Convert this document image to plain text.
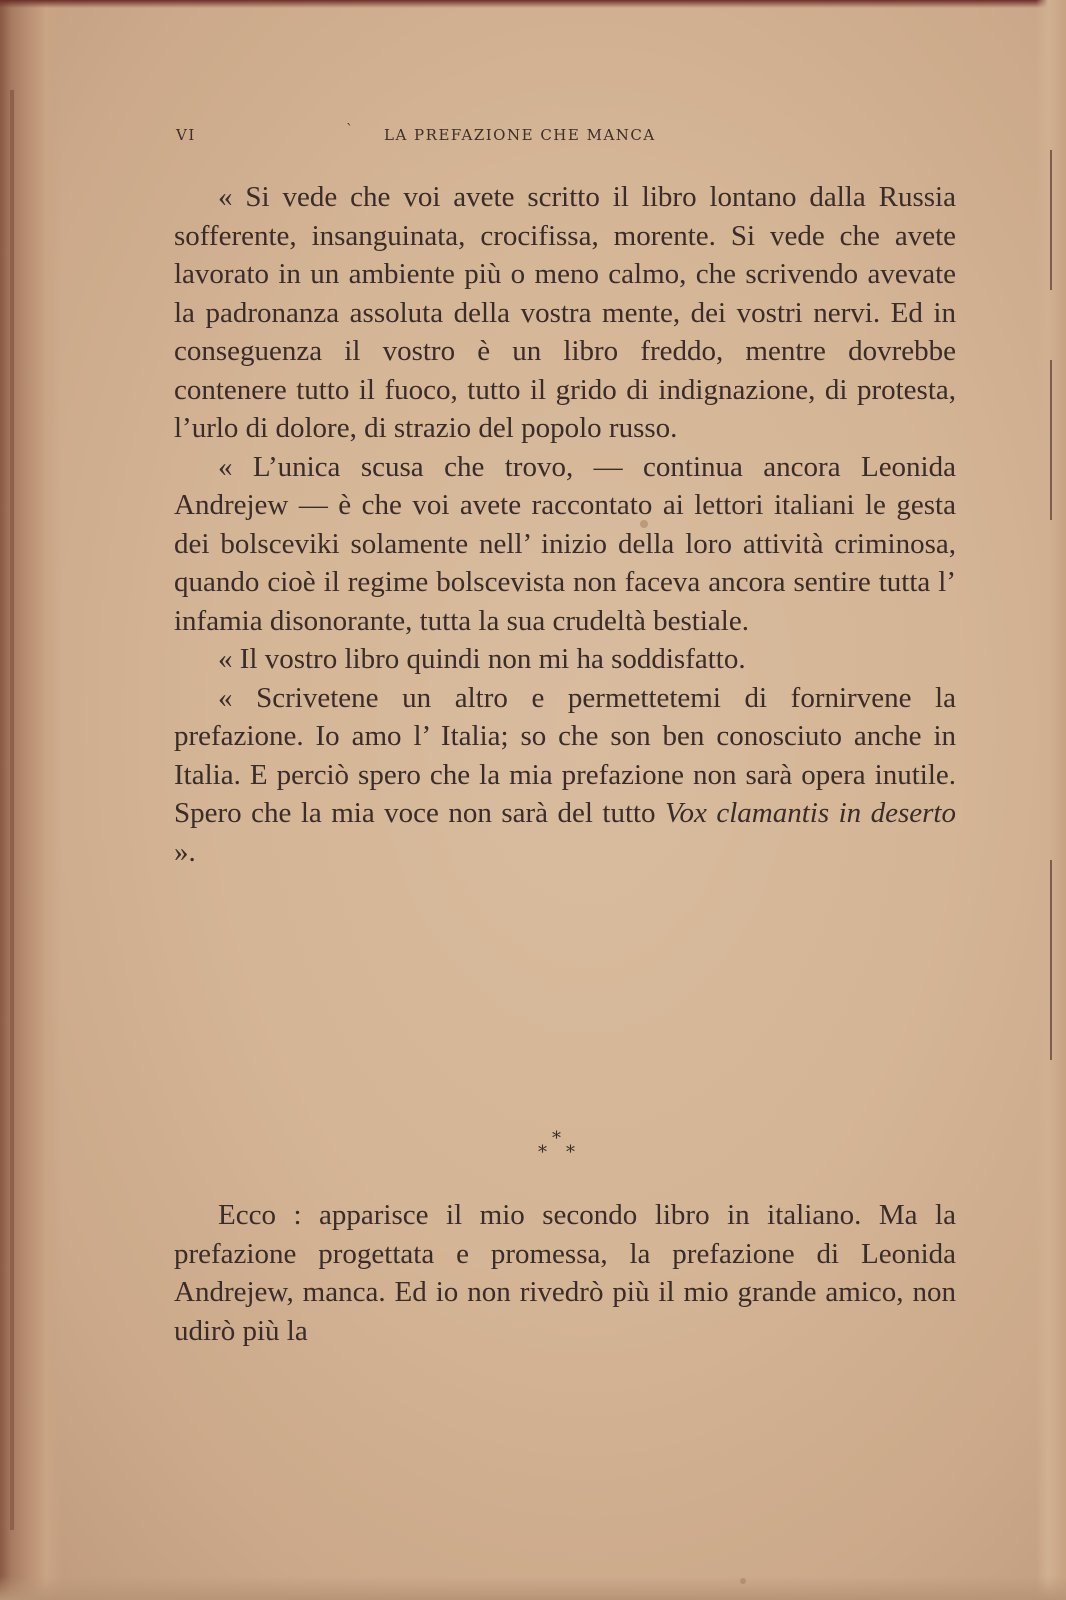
VI	` LA PREFAZIONE CHE MANCA

« Si vede che voi avete scritto il libro lontano dalla Russia sofferente, insanguinata, crocifissa, morente. Si vede che avete lavorato in un ambiente più o meno calmo, che scrivendo avevate la padronanza assoluta della vostra mente, dei vostri nervi. Ed in conseguenza il vostro è un libro freddo, mentre dovrebbe contenere tutto il fuoco, tutto il grido di indignazione, di protesta, l’urlo di dolore, di strazio del popolo russo.

« L’unica scusa che trovo, — continua ancora Leonida Andrejew — è che voi avete raccontato ai lettori italiani le gesta dei bolsceviki solamente nell’ inizio della loro attività criminosa, quando cioè il regime bolscevista non faceva ancora sentire tutta l’ infamia disonorante, tutta la sua crudeltà bestiale.

« Il vostro libro quindi non mi ha soddisfatto.

« Scrivetene un altro e permettetemi di fornirvene la prefazione. Io amo l’ Italia; so che son ben conosciuto anche in Italia. E perciò spero che la mia prefazione non sarà opera inutile. Spero che la mia voce non sarà del tutto Vox clamantis in deserto ».

*
* *

Ecco : apparisce il mio secondo libro in italiano. Ma la prefazione progettata e promessa, la prefazione di Leonida Andrejew, manca. Ed io non rivedrò più il mio grande amico, non udirò più la
